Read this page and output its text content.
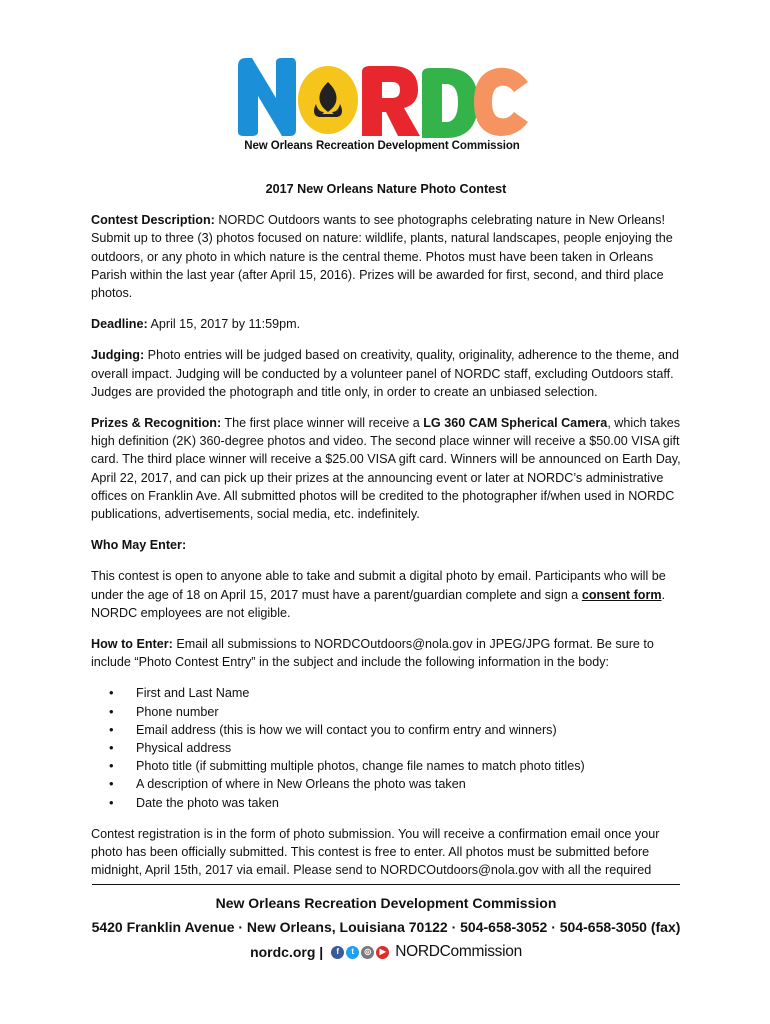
New Orleans Recreation Development Commission
2017 New Orleans Nature Photo Contest

Contest Description: NORDC Outdoors wants to see photographs celebrating nature in New Orleans! Submit up to three (3) photos focused on nature: wildlife, plants, natural landscapes, people enjoying the outdoors, or any photo in which nature is the central theme. Photos must have been taken in Orleans Parish within the last year (after April 15, 2016). Prizes will be awarded for first, second, and third place photos.

Deadline: April 15, 2017 by 11:59pm.

Judging: Photo entries will be judged based on creativity, quality, originality, adherence to the theme, and overall impact. Judging will be conducted by a volunteer panel of NORDC staff, excluding Outdoors staff. Judges are provided the photograph and title only, in order to create an unbiased selection.

Prizes & Recognition: The first place winner will receive a LG 360 CAM Spherical Camera, which takes high definition (2K) 360-degree photos and video. The second place winner will receive a $50.00 VISA gift card. The third place winner will receive a $25.00 VISA gift card. Winners will be announced on Earth Day, April 22, 2017, and can pick up their prizes at the announcing event or later at NORDC’s administrative offices on Franklin Ave. All submitted photos will be credited to the photographer if/when used in NORDC publications, advertisements, social media, etc. indefinitely.

Who May Enter:

This contest is open to anyone able to take and submit a digital photo by email. Participants who will be under the age of 18 on April 15, 2017 must have a parent/guardian complete and sign a consent form. NORDC employees are not eligible.

How to Enter: Email all submissions to NORDCOutdoors@nola.gov in JPEG/JPG format. Be sure to include “Photo Contest Entry” in the subject and include the following information in the body:

• First and Last Name
• Phone number
• Email address (this is how we will contact you to confirm entry and winners)
• Physical address
• Photo title (if submitting multiple photos, change file names to match photo titles)
• A description of where in New Orleans the photo was taken
• Date the photo was taken

Contest registration is in the form of photo submission. You will receive a confirmation email once your photo has been officially submitted. This contest is free to enter. All photos must be submitted before midnight, April 15th, 2017 via email. Please send to NORDCOutdoors@nola.gov with all the required

New Orleans Recreation Development Commission
5420 Franklin Avenue · New Orleans, Louisiana 70122 · 504-658-3052 · 504-658-3050 (fax)
nordc.org |	f	t	◎	▶ NORDCommission
